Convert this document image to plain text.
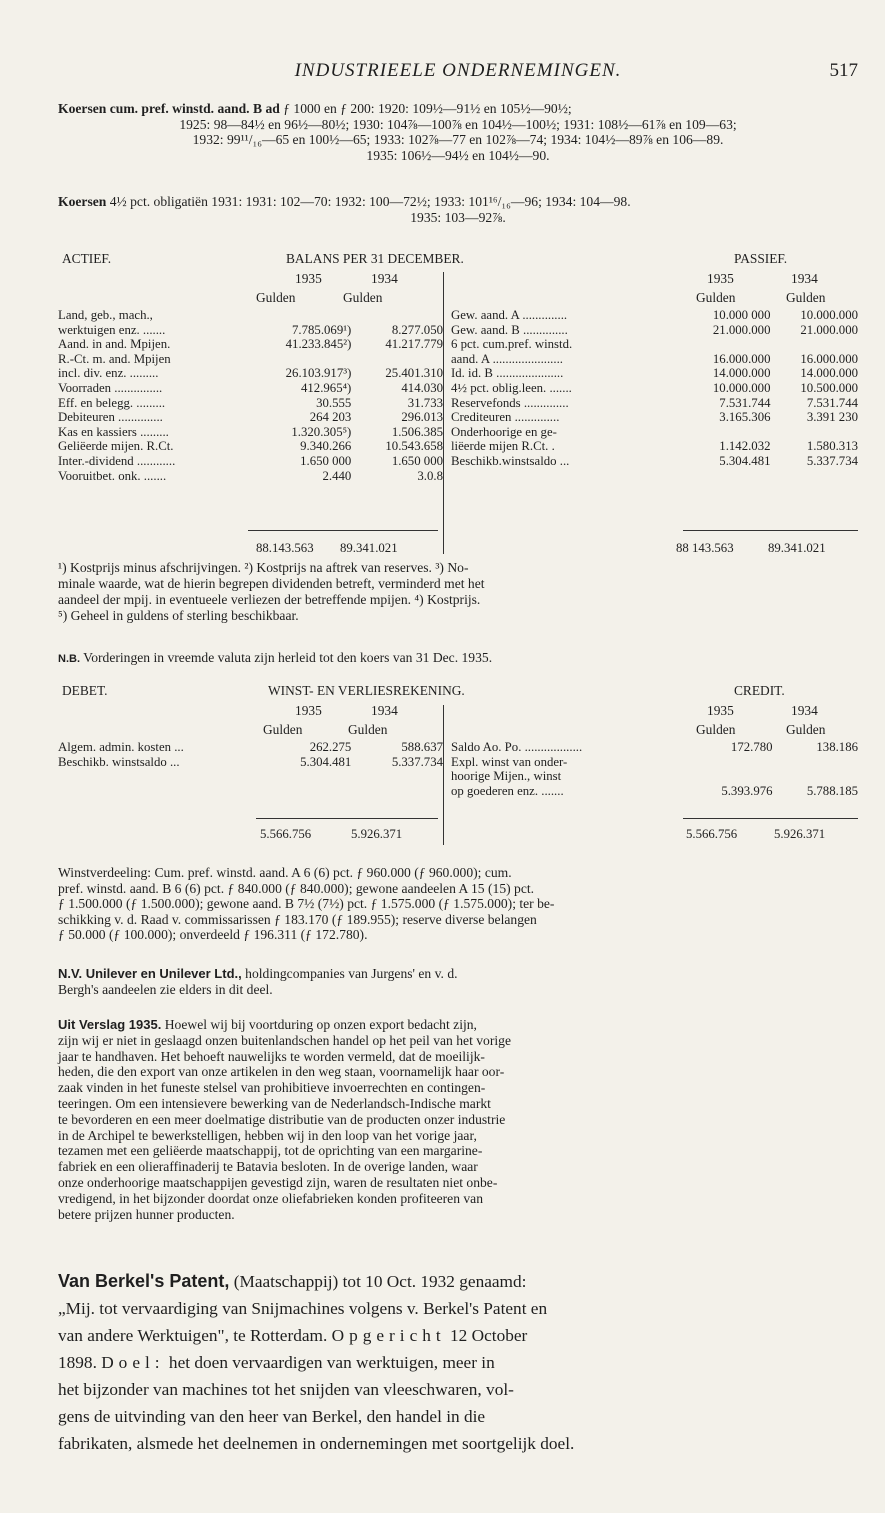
INDUSTRIEELE ONDERNEMINGEN.	517

Koersen cum. pref. winstd. aand. B ad ƒ 1000 en ƒ 200: 1920: 109½—91½ en 105½—90½;

1925: 98—84½ en 96½—80½; 1930: 104⅞—100⅞ en 104½—100½; 1931: 108½—61⅞ en 109—63;

1932: 99¹¹/₁₆—65 en 100½—65; 1933: 102⅞—77 en 102⅞—74; 1934: 104½—89⅞ en 106—89.

1935: 106½—94½ en 104½—90.

Koersen 4½ pct. obligatiën 1931: 1931: 102—70: 1932: 100—72½; 1933: 101¹⁶/₁₆—96; 1934: 104—98.

1935: 103—92⅞.

ACTIEF.	BALANS PER 31 DECEMBER.	PASSIEF.
1935	1934	1935	1934
Gulden	Gulden	Gulden	Gulden
Land, geb., mach.,		
werktuigen enz. .......	7.785.069¹)	8.277.050
Aand. in and. Mpijen.	41.233.845²)	41.217.779
R.-Ct. m. and. Mpijen		
incl. div. enz. .........	26.103.917³)	25.401.310
Voorraden ...............	412.965⁴)	414.030
Eff. en belegg. .........	30.555	31.733
Debiteuren ..............	264 203	296.013
Kas en kassiers .........	1.320.305⁵)	1.506.385
Geliëerde mijen. R.Ct.	9.340.266	10.543.658
Inter.-dividend ............	1.650 000	1.650 000
Vooruitbet. onk. .......	2.440	3.0.8

Gew. aand. A ..............	10.000 000	10.000.000
Gew. aand. B ..............	21.000.000	21.000.000
6 pct. cum.pref. winstd.		
aand. A ......................	16.000.000	16.000.000
Id. id. B .....................	14.000.000	14.000.000
4½ pct. oblig.leen. .......	10.000.000	10.500.000
Reservefonds ..............	7.531.744	7.531.744
Crediteuren ..............	3.165.306	3.391 230
Onderhoorige en ge-		
liëerde mijen R.Ct. .	1.142.032	1.580.313
Beschikb.winstsaldo ...	5.304.481	5.337.734
88.143.563 89.341.021	88 143.563	89.341.021

¹) Kostprijs minus afschrijvingen. ²) Kostprijs na aftrek van reserves. ³) No-

minale waarde, wat de hierin begrepen dividenden betreft, verminderd met het

aandeel der mpij. in eventueele verliezen der betreffende mpijen. ⁴) Kostprijs.

⁵) Geheel in guldens of sterling beschikbaar.

N.B. Vorderingen in vreemde valuta zijn herleid tot den koers van 31 Dec. 1935.

DEBET.	WINST- EN VERLIESREKENING.	CREDIT.
1935	1934	1935	1934
Gulden	Gulden	Gulden	Gulden
Algem. admin. kosten ...	262.275	588.637
Beschikb. winstsaldo ...	5.304.481	5.337.734
Saldo Ao. Po. ..................	172.780	138.186
Expl. winst van onder-		
hoorige Mijen., winst		
op goederen enz. .......	5.393.976	5.788.185
5.566.756	5.926.371	5.566.756	5.926.371

Winstverdeeling: Cum. pref. winstd. aand. A 6 (6) pct. ƒ 960.000 (ƒ 960.000); cum.

pref. winstd. aand. B 6 (6) pct. ƒ 840.000 (ƒ 840.000); gewone aandeelen A 15 (15) pct.

ƒ 1.500.000 (ƒ 1.500.000); gewone aand. B 7½ (7½) pct. ƒ 1.575.000 (ƒ 1.575.000); ter be-

schikking v. d. Raad v. commissarissen ƒ 183.170 (ƒ 189.955); reserve diverse belangen

ƒ 50.000 (ƒ 100.000); onverdeeld ƒ 196.311 (ƒ 172.780).

N.V. Unilever en Unilever Ltd., holdingcompanies van Jurgens' en v. d.

Bergh's aandeelen zie elders in dit deel.

Uit Verslag 1935. Hoewel wij bij voortduring op onzen export bedacht zijn,

zijn wij er niet in geslaagd onzen buitenlandschen handel op het peil van het vorige

jaar te handhaven. Het behoeft nauwelijks te worden vermeld, dat de moeilijk-

heden, die den export van onze artikelen in den weg staan, voornamelijk haar oor-

zaak vinden in het funeste stelsel van prohibitieve invoerrechten en contingen-

teeringen. Om een intensievere bewerking van de Nederlandsch-Indische markt

te bevorderen en een meer doelmatige distributie van de producten onzer industrie

in de Archipel te bewerkstelligen, hebben wij in den loop van het vorige jaar,

tezamen met een geliëerde maatschappij, tot de oprichting van een margarine-

fabriek en een olieraffinaderij te Batavia besloten. In de overige landen, waar

onze onderhoorige maatschappijen gevestigd zijn, waren de resultaten niet onbe-

vredigend, in het bijzonder doordat onze oliefabrieken konden profiteeren van

betere prijzen hunner producten.

Van Berkel's Patent, (Maatschappij) tot 10 Oct. 1932 genaamd:

„Mij. tot vervaardiging van Snijmachines volgens v. Berkel's Patent en

van andere Werktuigen", te Rotterdam. Opgericht 12 October

1898. Doel: het doen vervaardigen van werktuigen, meer in

het bijzonder van machines tot het snijden van vleeschwaren, vol-

gens de uitvinding van den heer van Berkel, den handel in die

fabrikaten, alsmede het deelnemen in ondernemingen met soortgelijk doel.
